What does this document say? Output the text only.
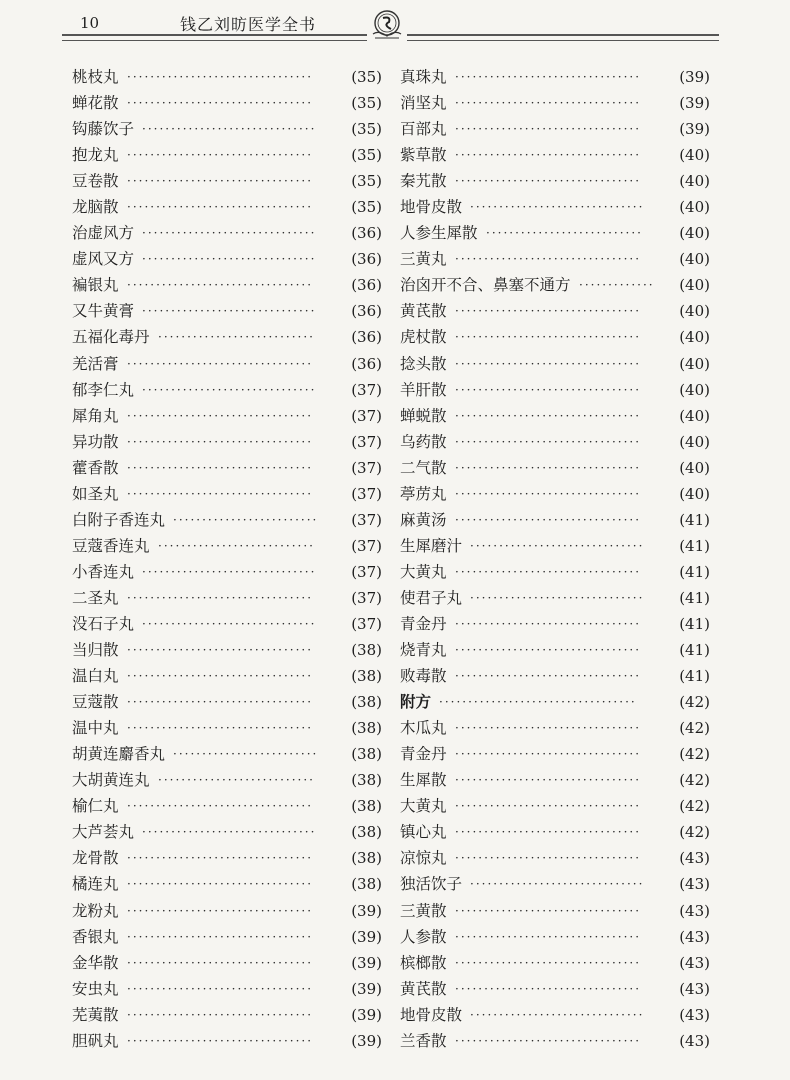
10	钱乙刘昉医学全书
桃枝丸 ································	(35)
蝉花散 ································	(35)
钩藤饮子 ······························	(35)
抱龙丸 ································	(35)
豆卷散 ································	(35)
龙脑散 ································	(35)
治虚风方 ······························	(36)
虚风又方 ······························	(36)
褊银丸 ································	(36)
又牛黄膏 ······························	(36)
五福化毒丹 ···························	(36)
羌活膏 ································	(36)
郁李仁丸 ······························	(37)
犀角丸 ································	(37)
异功散 ································	(37)
藿香散 ································	(37)
如圣丸 ································	(37)
白附子香连丸 ·························	(37)
豆蔻香连丸 ···························	(37)
小香连丸 ······························	(37)
二圣丸 ································	(37)
没石子丸 ······························	(37)
当归散 ································	(38)
温白丸 ································	(38)
豆蔻散 ································	(38)
温中丸 ································	(38)
胡黄连麝香丸 ·························	(38)
大胡黄连丸 ···························	(38)
榆仁丸 ································	(38)
大芦荟丸 ······························	(38)
龙骨散 ································	(38)
橘连丸 ································	(38)
龙粉丸 ································	(39)
香银丸 ································	(39)
金华散 ································	(39)
安虫丸 ································	(39)
芜荑散 ································	(39)
胆矾丸 ································	(39)
真珠丸 ································	(39)
消坚丸 ································	(39)
百部丸 ································	(39)
紫草散 ································	(40)
秦艽散 ································	(40)
地骨皮散 ······························	(40)
人参生犀散 ···························	(40)
三黄丸 ································	(40)
治囟开不合、鼻塞不通方 ·············	(40)
黄芪散 ································	(40)
虎杖散 ································	(40)
捻头散 ································	(40)
羊肝散 ································	(40)
蝉蜕散 ································	(40)
乌药散 ································	(40)
二气散 ································	(40)
葶苈丸 ································	(40)
麻黄汤 ································	(41)
生犀磨汁 ······························	(41)
大黄丸 ································	(41)
使君子丸 ······························	(41)
青金丹 ································	(41)
烧青丸 ································	(41)
败毒散 ································	(41)
附方 ··································	(42)
木瓜丸 ································	(42)
青金丹 ································	(42)
生犀散 ································	(42)
大黄丸 ································	(42)
镇心丸 ································	(42)
凉惊丸 ································	(43)
独活饮子 ······························	(43)
三黄散 ································	(43)
人参散 ································	(43)
槟榔散 ································	(43)
黄芪散 ································	(43)
地骨皮散 ······························	(43)
兰香散 ································	(43)
